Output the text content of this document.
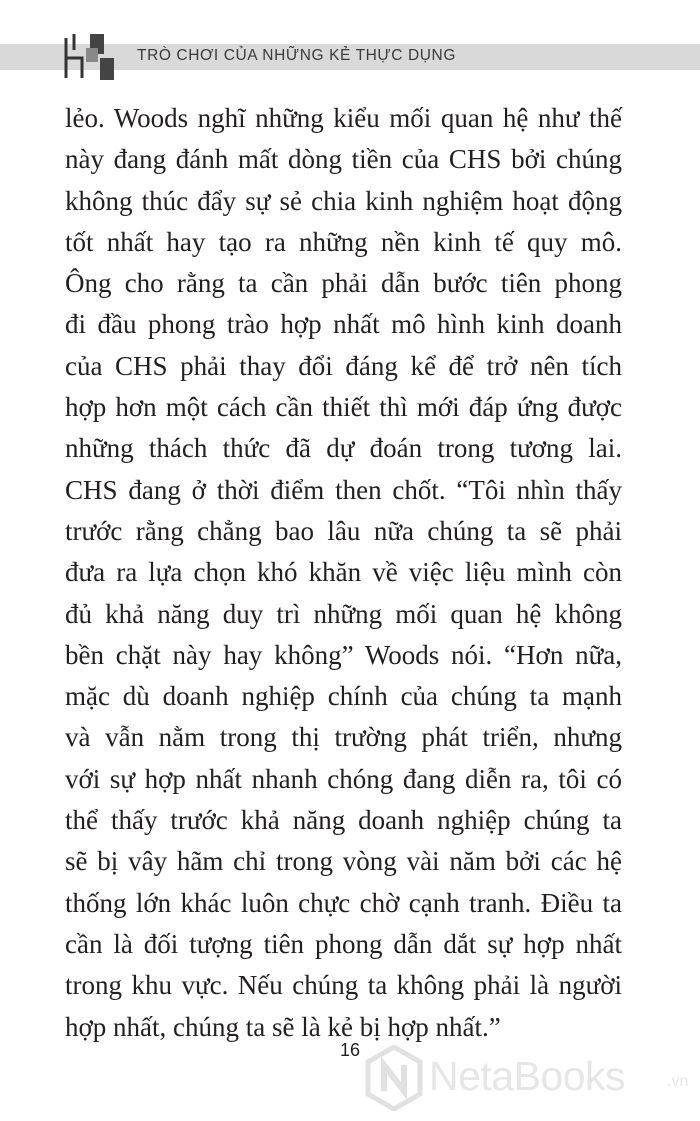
TRÒ CHƠI CỦA NHỮNG KẺ THỰC DỤNG
lẻo. Woods nghĩ những kiểu mối quan hệ như thế
này đang đánh mất dòng tiền của CHS bởi chúng
không thúc đẩy sự sẻ chia kinh nghiệm hoạt động
tốt nhất hay tạo ra những nền kinh tế quy mô.
Ông cho rằng ta cần phải dẫn bước tiên phong
đi đầu phong trào hợp nhất mô hình kinh doanh
của CHS phải thay đổi đáng kể để trở nên tích
hợp hơn một cách cần thiết thì mới đáp ứng được
những thách thức đã dự đoán trong tương lai.
CHS đang ở thời điểm then chốt. “Tôi nhìn thấy
trước rằng chẳng bao lâu nữa chúng ta sẽ phải
đưa ra lựa chọn khó khăn về việc liệu mình còn
đủ khả năng duy trì những mối quan hệ không
bền chặt này hay không” Woods nói. “Hơn nữa,
mặc dù doanh nghiệp chính của chúng ta mạnh
và vẫn nằm trong thị trường phát triển, nhưng
với sự hợp nhất nhanh chóng đang diễn ra, tôi có
thể thấy trước khả năng doanh nghiệp chúng ta
sẽ bị vây hãm chỉ trong vòng vài năm bởi các hệ
thống lớn khác luôn chực chờ cạnh tranh. Điều ta
cần là đối tượng tiên phong dẫn dắt sự hợp nhất
trong khu vực. Nếu chúng ta không phải là người
hợp nhất, chúng ta sẽ là kẻ bị hợp nhất.”
16
NetaBooks	.vn
